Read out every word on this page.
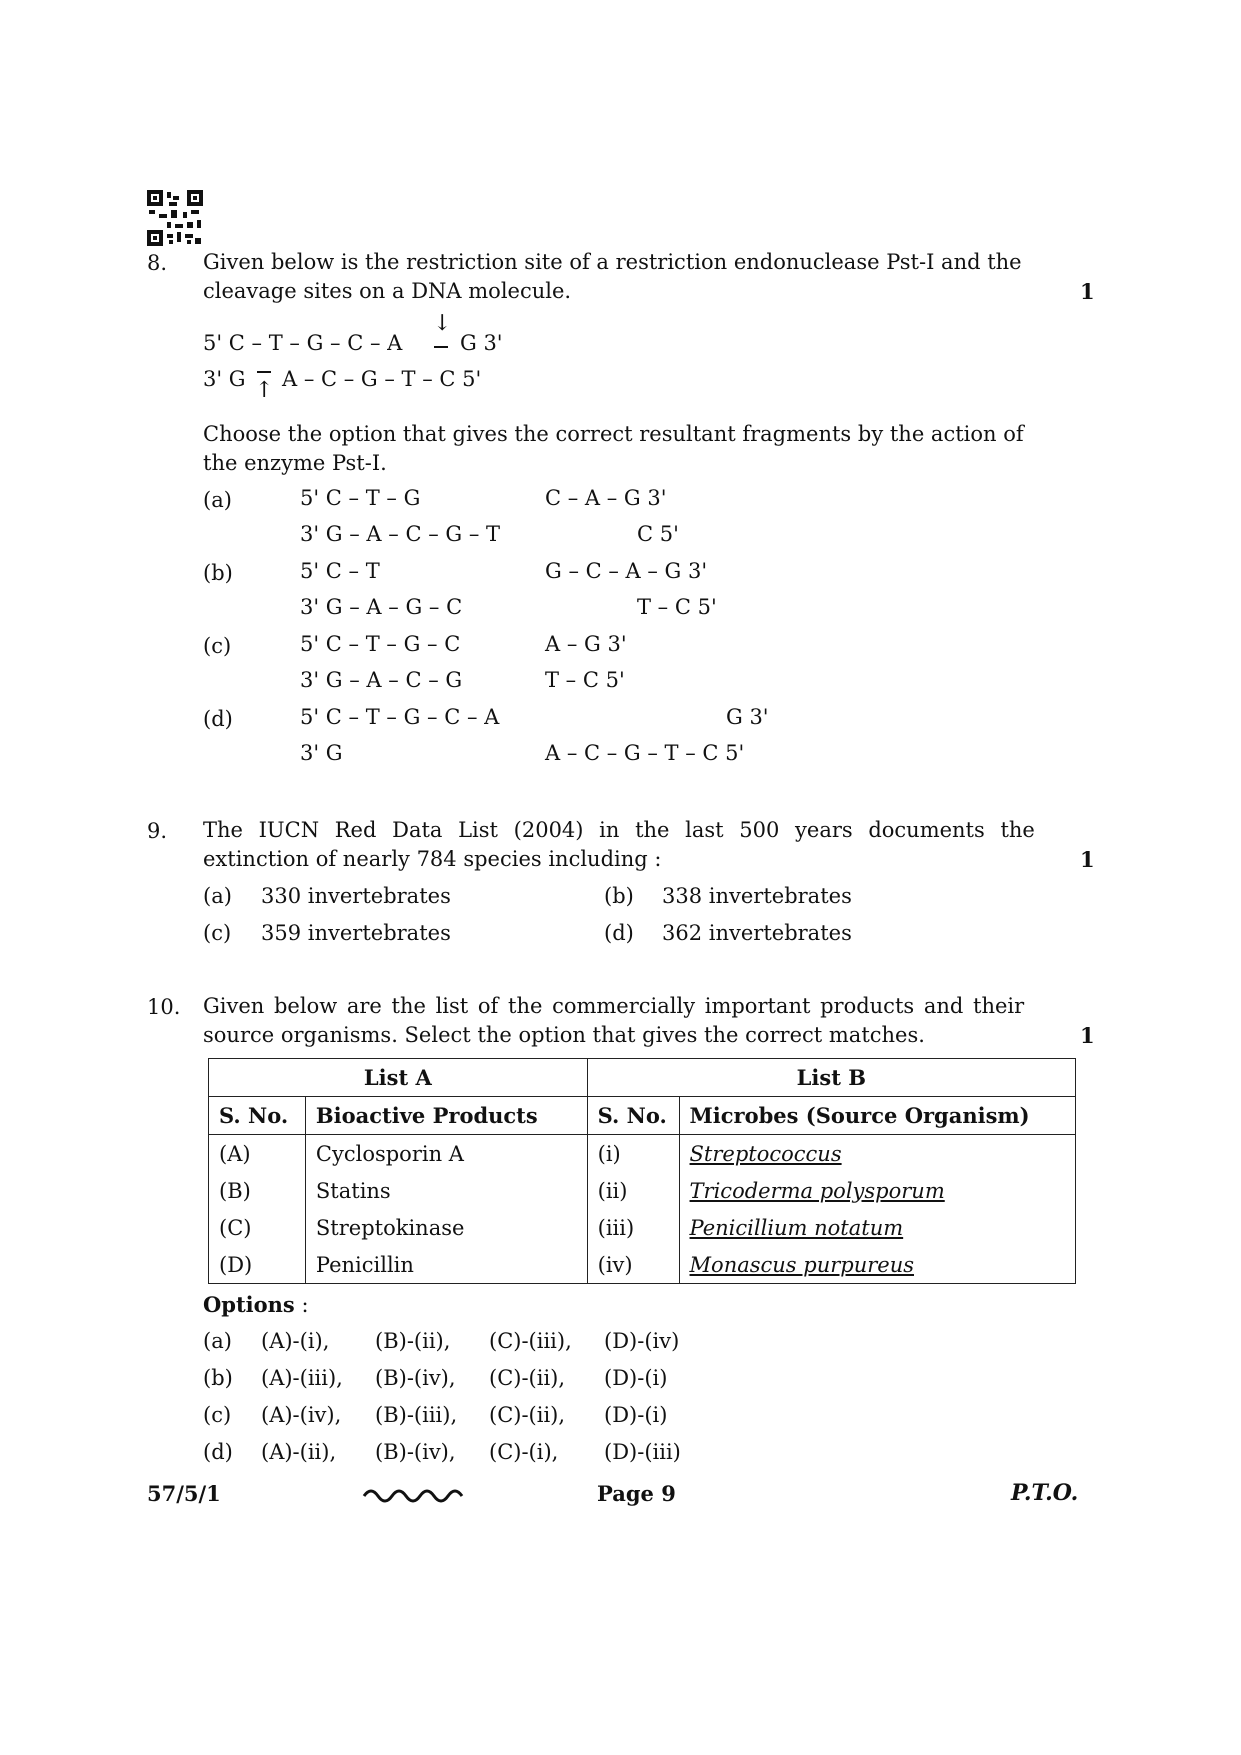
8. Given below is the restriction site of a restriction endonuclease Pst-I and the
cleavage sites on a DNA molecule.	1
5' C – T – G – C – A
↓
G 3'
3' G ↑ A – C – G – T – C 5'
Choose the option that gives the correct resultant fragments by the action of
the enzyme Pst-I.
(a)	5' C – T – G	C – A – G 3'
3' G – A – C – G – T	C 5'
(b)	5' C – T	G – C – A – G 3'
3' G – A – G – C	T – C 5'
(c)	5' C – T – G – C	A – G 3'
3' G – A – C – G	T – C 5'
(d)	5' C – T – G – C – A	G 3'
3' G	A – C – G – T – C 5'
9. The IUCN Red Data List (2004) in the last 500 years documents the
extinction of nearly 784 species including :	1
(a) 330 invertebrates	(b) 338 invertebrates
(c) 359 invertebrates	(d) 362 invertebrates
10. Given below are the list of the commercially important products and their
source organisms. Select the option that gives the correct matches.	1
List A		List B	
S. No.	Bioactive Products	S. No.	Microbes (Source Organism)
(A)	Cyclosporin A	(i)	Streptococcus
(B)	Statins	(ii)	Tricoderma polysporum
(C)	Streptokinase	(iii)	Penicillium notatum
(D)	Penicillin	(iv)	Monascus purpureus
Options :
(a) (A)-(i), (B)-(ii), (C)-(iii), (D)-(iv)
(b) (A)-(iii), (B)-(iv), (C)-(ii), (D)-(i)
(c) (A)-(iv), (B)-(iii), (C)-(ii), (D)-(i)
(d) (A)-(ii), (B)-(iv), (C)-(i), (D)-(iii)
57/5/1	Page 9	P.T.O.
